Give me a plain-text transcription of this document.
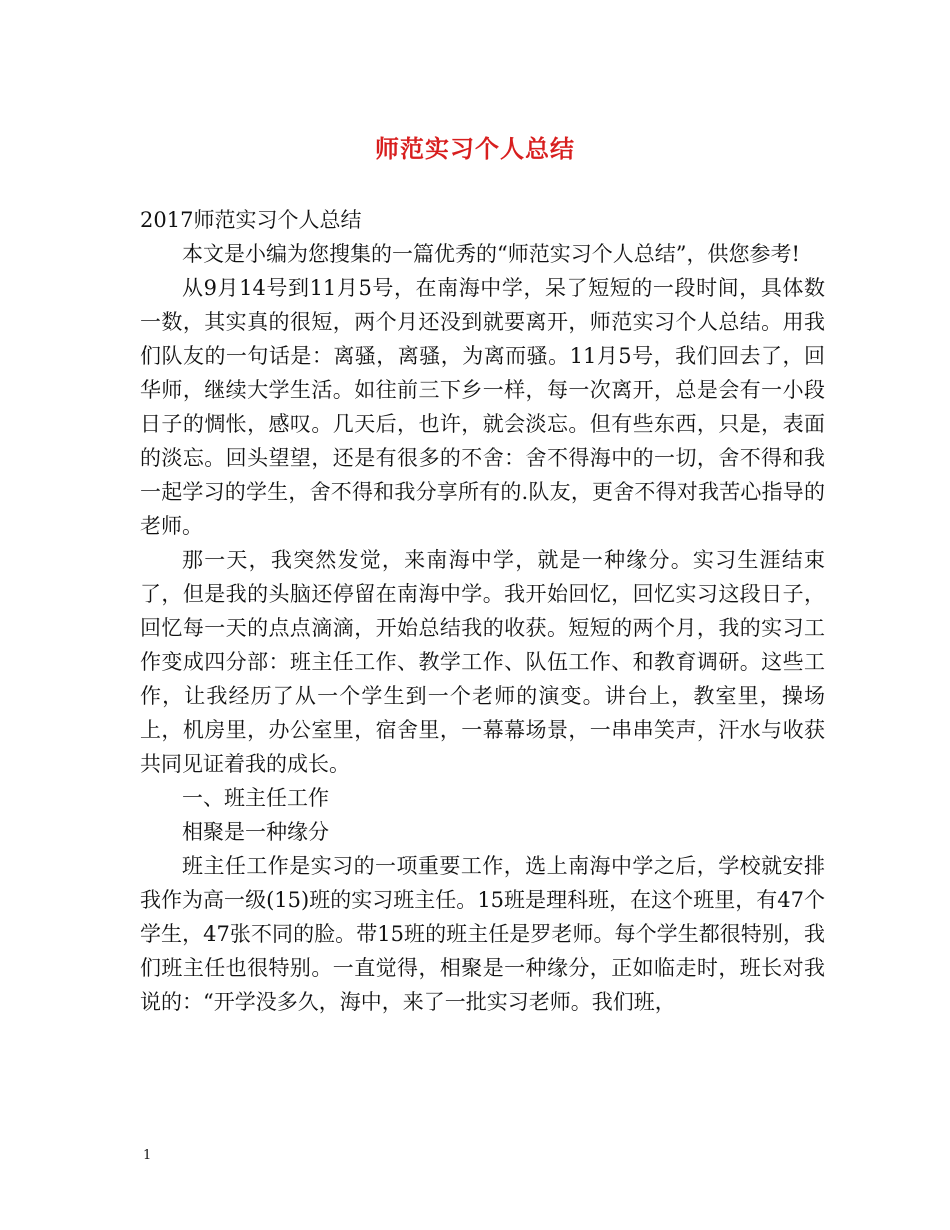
师范实习个人总结

2017师范实习个人总结

本文是小编为您搜集的一篇优秀的“师范实习个人总结”，供您参考!

从9月14号到11月5号，在南海中学，呆了短短的一段时间，具体数一数，其实真的很短，两个月还没到就要离开，师范实习个人总结。用我们队友的一句话是：离骚，离骚，为离而骚。11月5号，我们回去了，回华师，继续大学生活。如往前三下乡一样，每一次离开，总是会有一小段日子的惆怅，感叹。几天后，也许，就会淡忘。但有些东西，只是，表面的淡忘。回头望望，还是有很多的不舍：舍不得海中的一切，舍不得和我一起学习的学生，舍不得和我分享所有的.队友，更舍不得对我苦心指导的老师。

那一天，我突然发觉，来南海中学，就是一种缘分。实习生涯结束了，但是我的头脑还停留在南海中学。我开始回忆，回忆实习这段日子，回忆每一天的点点滴滴，开始总结我的收获。短短的两个月，我的实习工作变成四分部：班主任工作、教学工作、队伍工作、和教育调研。这些工作，让我经历了从一个学生到一个老师的演变。讲台上，教室里，操场上，机房里，办公室里，宿舍里，一幕幕场景，一串串笑声，汗水与收获共同见证着我的成长。

一、班主任工作

相聚是一种缘分

班主任工作是实习的一项重要工作，选上南海中学之后，学校就安排我作为高一级(15)班的实习班主任。15班是理科班，在这个班里，有47个学生，47张不同的脸。带15班的班主任是罗老师。每个学生都很特别，我们班主任也很特别。一直觉得，相聚是一种缘分，正如临走时，班长对我说的：“开学没多久，海中，来了一批实习老师。我们班，

1
